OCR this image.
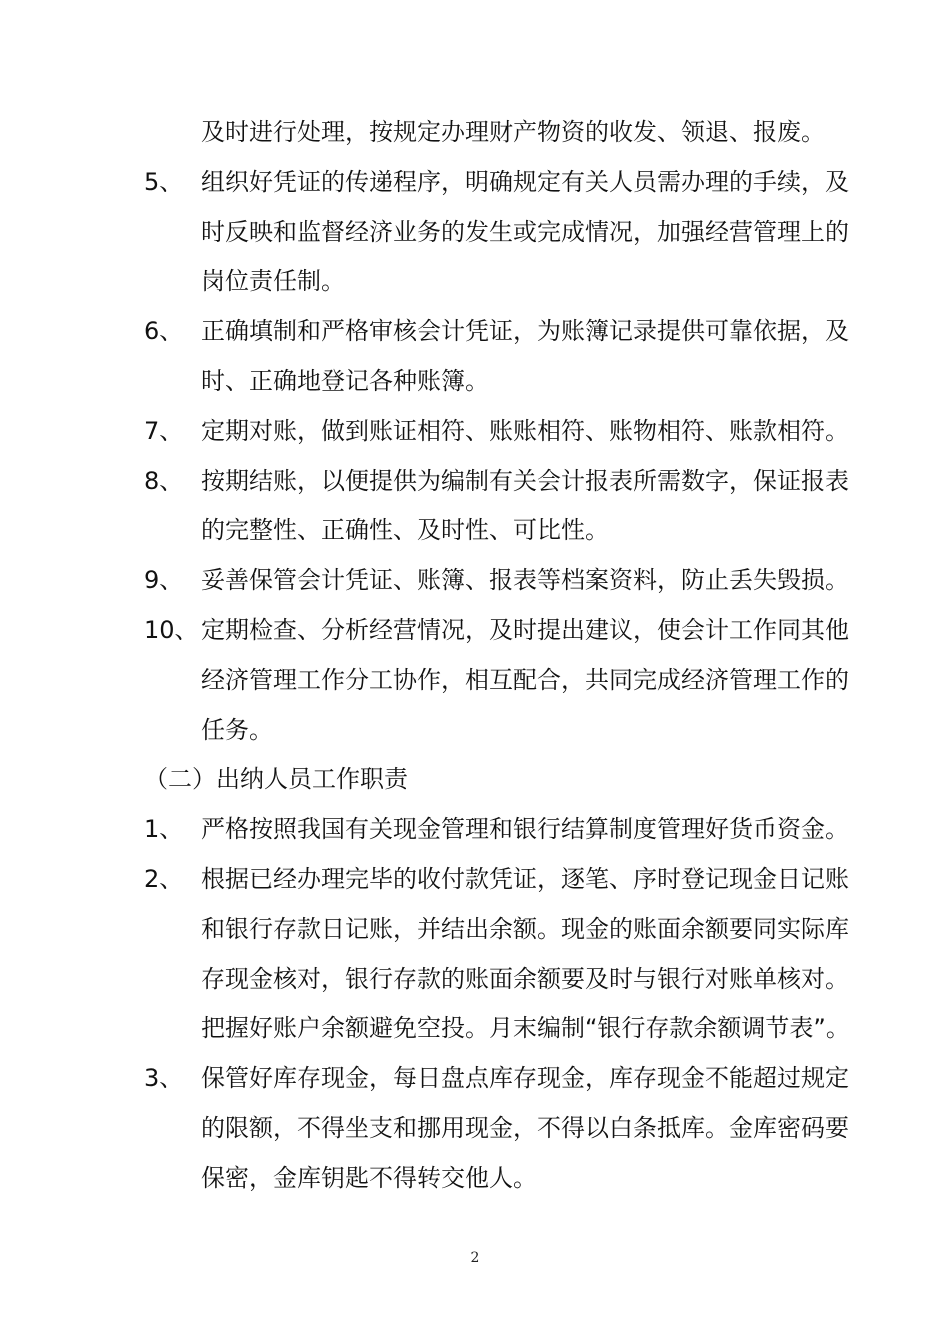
及时进行处理，按规定办理财产物资的收发、领退、报废。
5、 组织好凭证的传递程序，明确规定有关人员需办理的手续，及
时反映和监督经济业务的发生或完成情况，加强经营管理上的
岗位责任制。
6、 正确填制和严格审核会计凭证，为账簿记录提供可靠依据，及
时、正确地登记各种账簿。
7、 定期对账，做到账证相符、账账相符、账物相符、账款相符。
8、 按期结账，以便提供为编制有关会计报表所需数字，保证报表
的完整性、正确性、及时性、可比性。
9、 妥善保管会计凭证、账簿、报表等档案资料，防止丢失毁损。
10、 定期检查、分析经营情况，及时提出建议，使会计工作同其他
经济管理工作分工协作，相互配合，共同完成经济管理工作的
任务。
（二）出纳人员工作职责
1、 严格按照我国有关现金管理和银行结算制度管理好货币资金。
2、 根据已经办理完毕的收付款凭证，逐笔、序时登记现金日记账
和银行存款日记账，并结出余额。现金的账面余额要同实际库
存现金核对，银行存款的账面余额要及时与银行对账单核对。
把握好账户余额避免空投。月末编制“银行存款余额调节表”。
3、 保管好库存现金，每日盘点库存现金，库存现金不能超过规定
的限额，不得坐支和挪用现金，不得以白条抵库。金库密码要
保密，金库钥匙不得转交他人。
2
